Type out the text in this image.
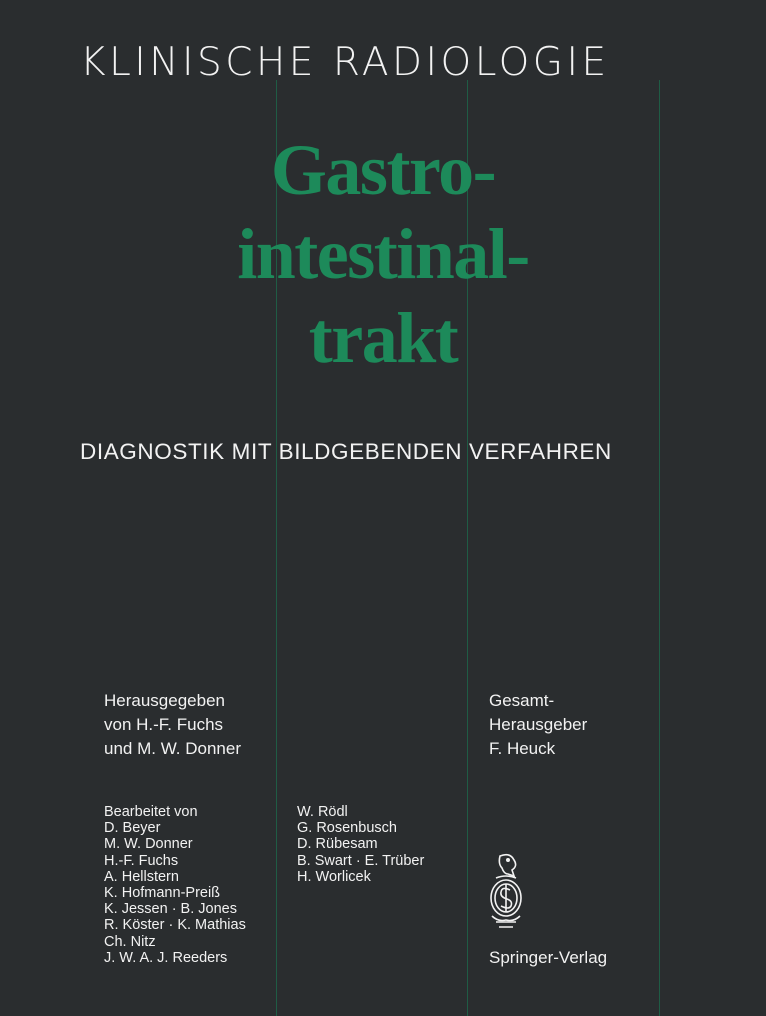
KLINISCHE RADIOLOGIE
Gastro-
intestinal-
trakt
DIAGNOSTIK MIT BILDGEBENDEN VERFAHREN
Herausgegeben
von H.-F. Fuchs
und M. W. Donner
Gesamt-
Herausgeber
F. Heuck
Bearbeitet von
D. Beyer
M. W. Donner
H.-F. Fuchs
A. Hellstern
K. Hofmann-Preiß
K. Jessen · B. Jones
R. Köster · K. Mathias
Ch. Nitz
J. W. A. J. Reeders
W. Rödl
G. Rosenbusch
D. Rübesam
B. Swart · E. Trüber
H. Worlicek
Springer-Verlag
